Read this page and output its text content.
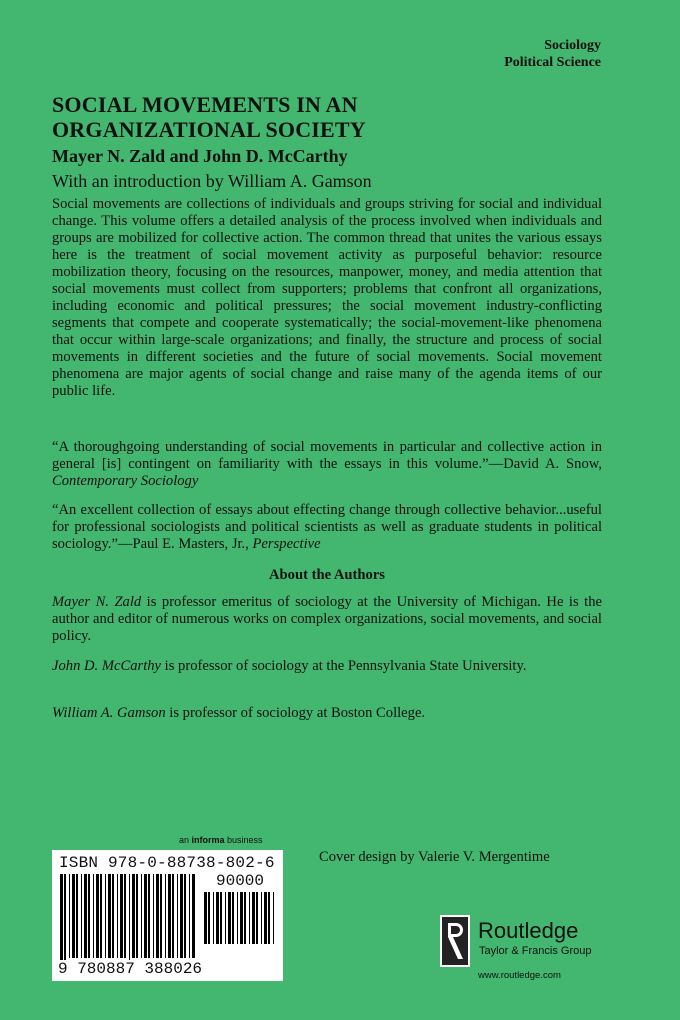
Sociology
Political Science
SOCIAL MOVEMENTS IN AN
ORGANIZATIONAL SOCIETY

Mayer N. Zald and John D. McCarthy

With an introduction by William A. Gamson

Social movements are collections of individuals and groups striving for social and individual change. This volume offers a detailed analysis of the process involved when individuals and groups are mobilized for collective action. The common thread that unites the various essays here is the treatment of social movement activity as purposeful behavior: resource mobilization theory, focusing on the resources, manpower, money, and media attention that social movements must collect from supporters; problems that confront all organizations, including economic and political pressures; the social movement industry-conflicting segments that compete and cooperate systematically; the social-movement-like phenomena that occur within large-scale organizations; and finally, the structure and process of social movements in different societies and the future of social movements. Social movement phenomena are major agents of social change and raise many of the agenda items of our public life.

“A thoroughgoing understanding of social movements in particular and collective action in general [is] contingent on familiarity with the essays in this volume.”—David A. Snow, Contemporary Sociology

“An excellent collection of essays about effecting change through collective behavior...useful for professional sociologists and political scientists as well as graduate students in political sociology.”—Paul E. Masters, Jr., Perspective

About the Authors

Mayer N. Zald is professor emeritus of sociology at the University of Michigan. He is the author and editor of numerous works on complex organizations, social movements, and social policy.

John D. McCarthy is professor of sociology at the Pennsylvania State University.

William A. Gamson is professor of sociology at Boston College.

an informa business
ISBN 978-0-88738-802-6
90000
9 780887 388026
Cover design by Valerie V. Mergentime
Routledge
Taylor & Francis Group
www.routledge.com
